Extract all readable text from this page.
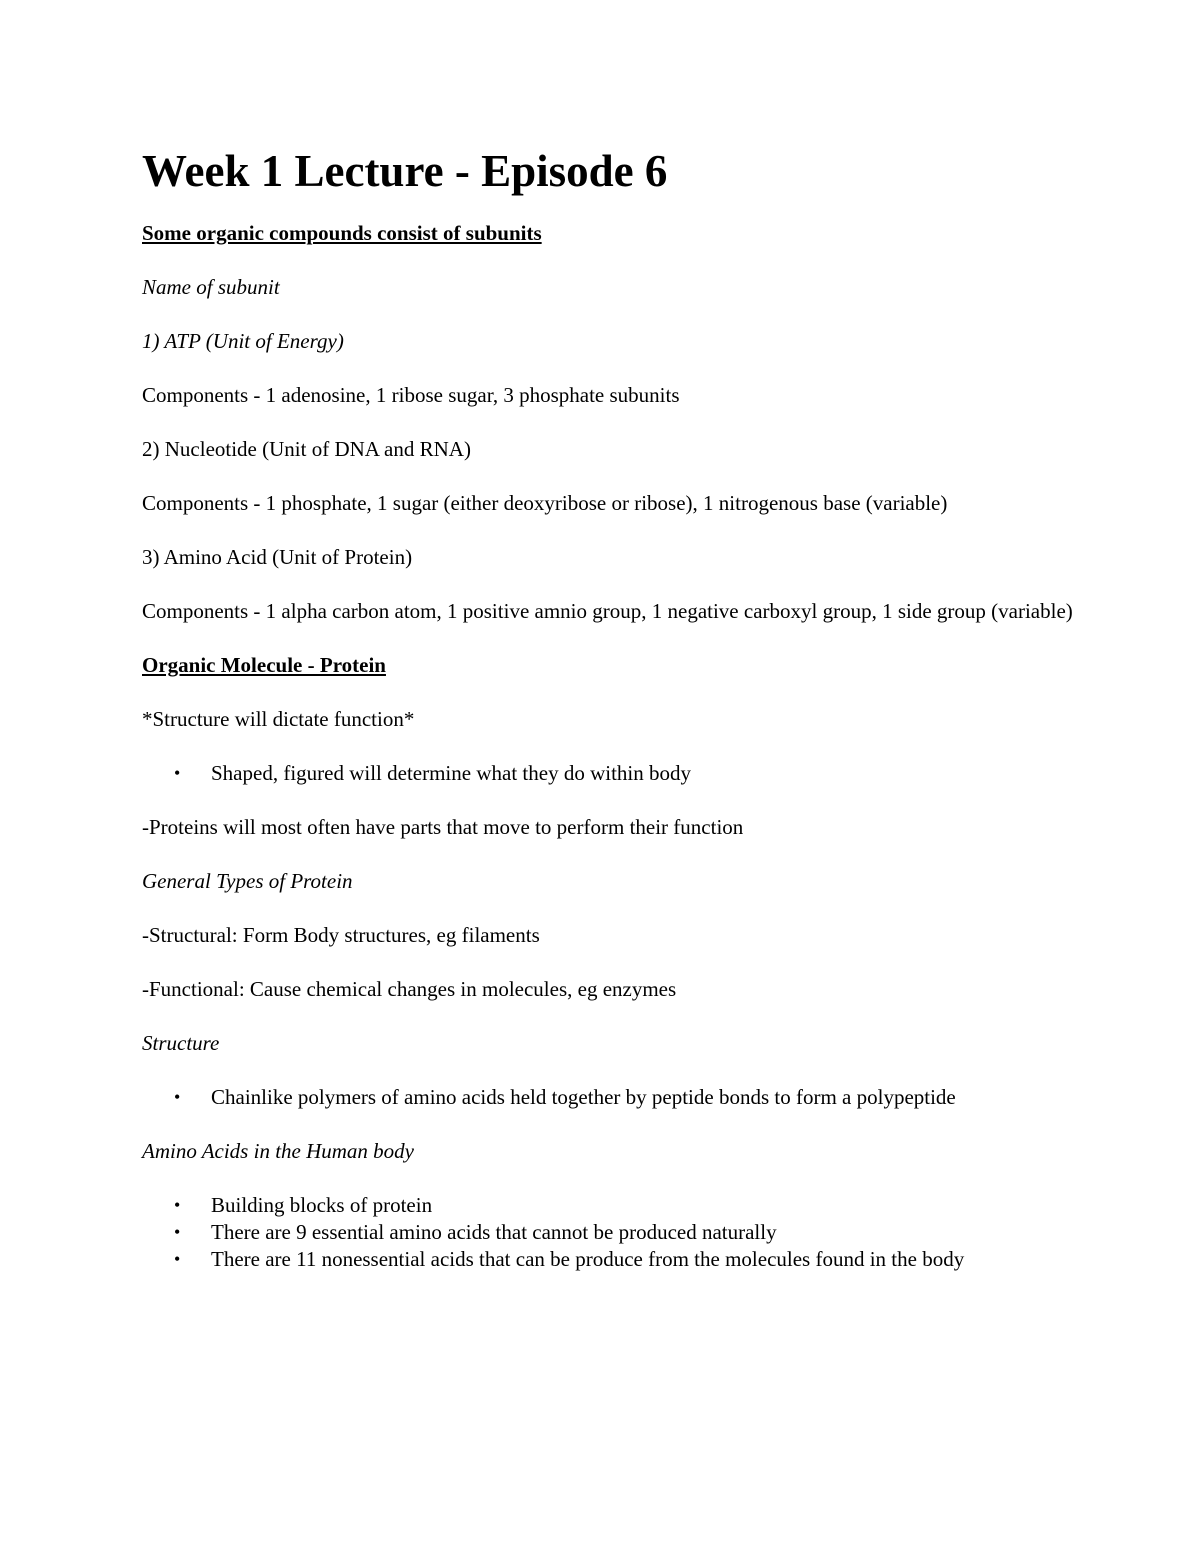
Week 1 Lecture - Episode 6

Some organic compounds consist of subunits

Name of subunit

1) ATP (Unit of Energy)

Components - 1 adenosine, 1 ribose sugar, 3 phosphate subunits

2) Nucleotide (Unit of DNA and RNA)

Components - 1 phosphate, 1 sugar (either deoxyribose or ribose), 1 nitrogenous base (variable)

3) Amino Acid (Unit of Protein)

Components - 1 alpha carbon atom, 1 positive amnio group, 1 negative carboxyl group, 1 side group (variable)

Organic Molecule - Protein

*Structure will dictate function*

• Shaped, figured will determine what they do within body

-Proteins will most often have parts that move to perform their function

General Types of Protein

-Structural: Form Body structures, eg filaments

-Functional: Cause chemical changes in molecules, eg enzymes

Structure

• Chainlike polymers of amino acids held together by peptide bonds to form a polypeptide

Amino Acids in the Human body

• Building blocks of protein
• There are 9 essential amino acids that cannot be produced naturally
• There are 11 nonessential acids that can be produce from the molecules found in the body
